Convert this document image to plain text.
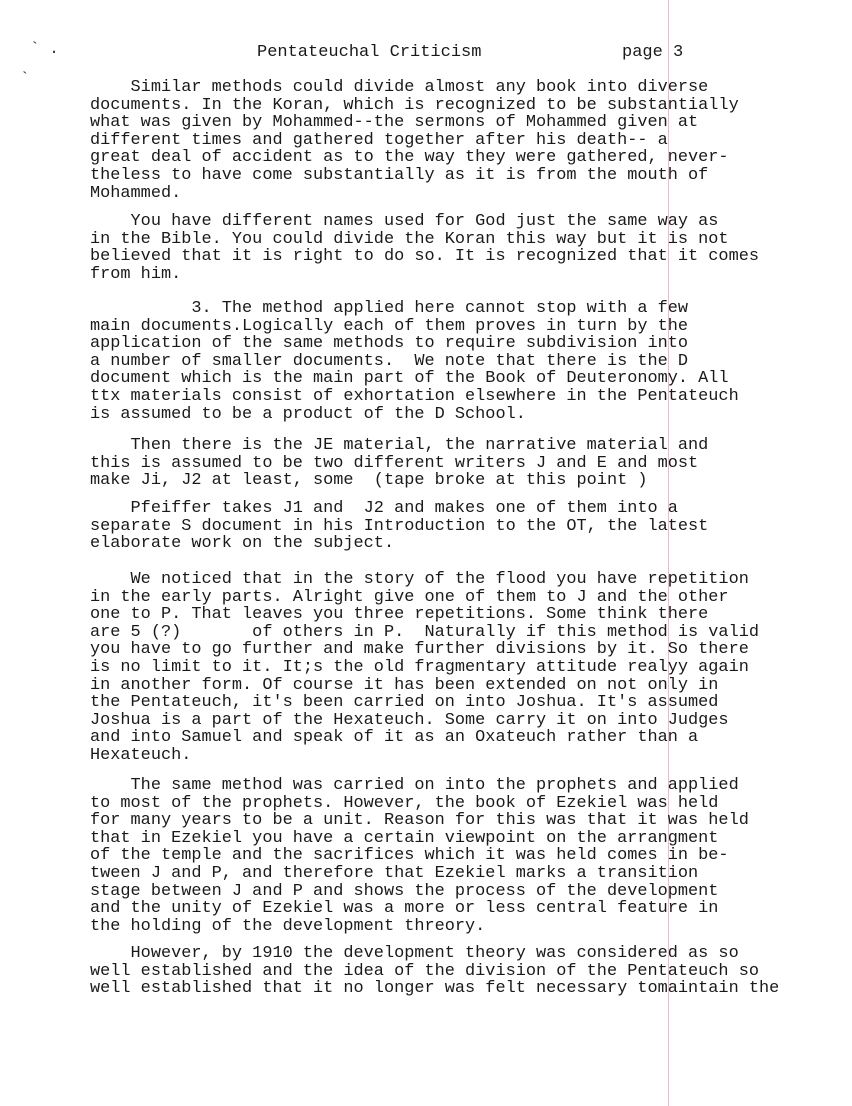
` .
`
Pentateuchal Criticism	page 3
Similar methods could divide almost any book into diverse
documents. In the Koran, which is recognized to be substantially
what was given by Mohammed--the sermons of Mohammed given at
different times and gathered together after his death-- a
great deal of accident as to the way they were gathered, never-
theless to have come substantially as it is from the mouth of
Mohammed.
You have different names used for God just the same way as
in the Bible. You could divide the Koran this way but it is not
believed that it is right to do so. It is recognized that it comes
from him.
3. The method applied here cannot stop with a few
main documents.Logically each of them proves in turn by the
application of the same methods to require subdivision into
a number of smaller documents.  We note that there is the D
document which is the main part of the Book of Deuteronomy. All
ttx materials consist of exhortation elsewhere in the Pentateuch
is assumed to be a product of the D School.
Then there is the JE material, the narrative material and
this is assumed to be two different writers J and E and most
make Ji, J2 at least, some  (tape broke at this point )
Pfeiffer takes J1 and  J2 and makes one of them into a
separate S document in his Introduction to the OT, the latest
elaborate work on the subject.
We noticed that in the story of the flood you have repetition
in the early parts. Alright give one of them to J and the other
one to P. That leaves you three repetitions. Some think there
are 5 (?)       of others in P.  Naturally if this method is valid
you have to go further and make further divisions by it. So there
is no limit to it. It;s the old fragmentary attitude realyy again
in another form. Of course it has been extended on not only in
the Pentateuch, it's been carried on into Joshua. It's assumed
Joshua is a part of the Hexateuch. Some carry it on into Judges
and into Samuel and speak of it as an Oxateuch rather than a
Hexateuch.
The same method was carried on into the prophets and applied
to most of the prophets. However, the book of Ezekiel was held
for many years to be a unit. Reason for this was that it was held
that in Ezekiel you have a certain viewpoint on the arrangment
of the temple and the sacrifices which it was held comes in be-
tween J and P, and therefore that Ezekiel marks a transition
stage between J and P and shows the process of the development
and the unity of Ezekiel was a more or less central feature in
the holding of the development threory.
However, by 1910 the development theory was considered as so
well established and the idea of the division of the Pentateuch so
well established that it no longer was felt necessary tomaintain the
